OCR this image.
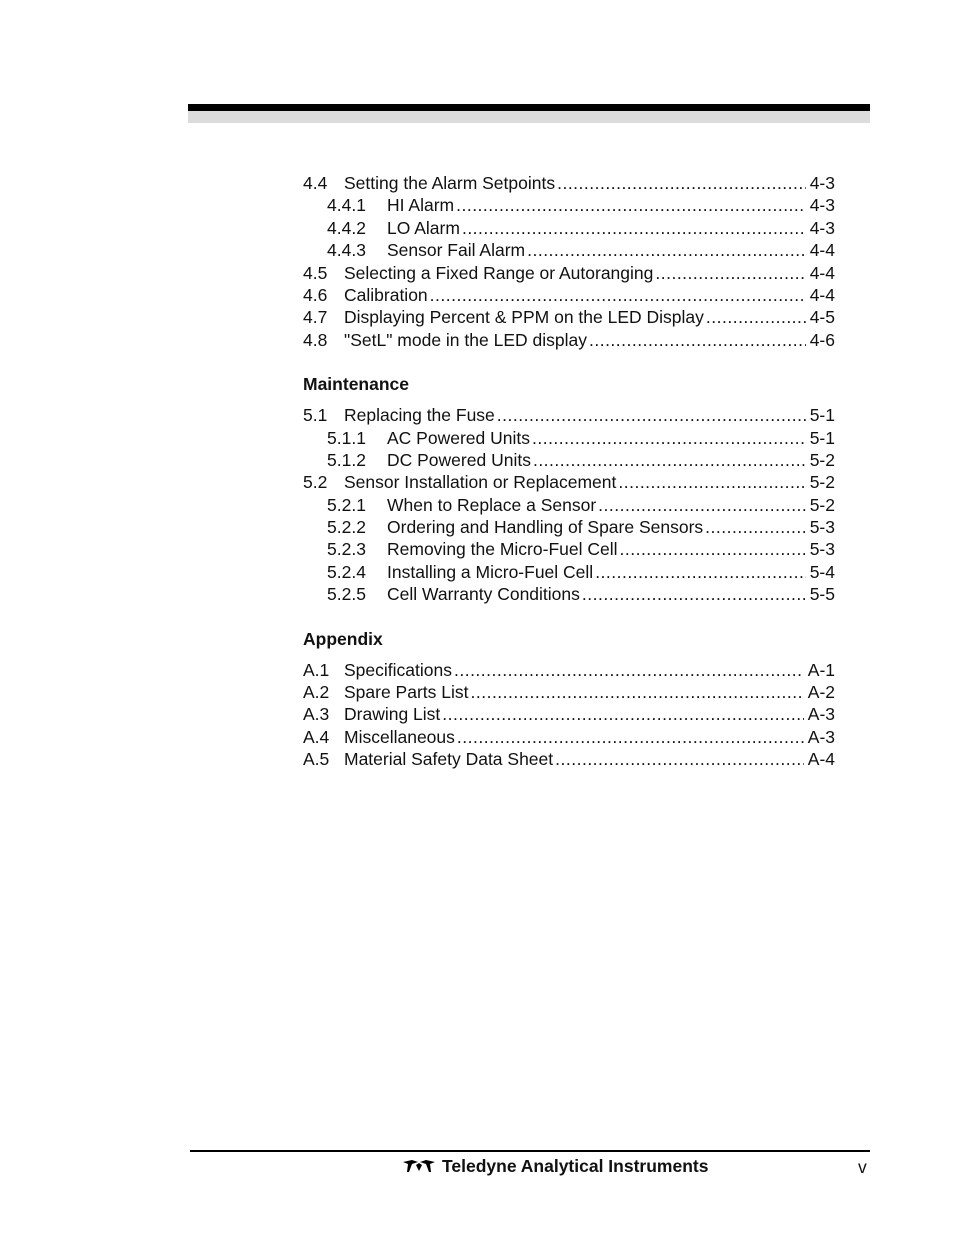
4.4 Setting the Alarm Setpoints .....	4-3
4.4.1	HI Alarm .....	4-3
4.4.2	LO Alarm .....	4-3
4.4.3	Sensor Fail Alarm .....	4-4
4.5 Selecting a Fixed Range or Autoranging .....	4-4
4.6 Calibration .....	4-4
4.7 Displaying Percent & PPM on the LED Display .....	4-5
4.8 "SetL" mode in the LED display .....	4-6
Maintenance
5.1 Replacing the Fuse .....	5-1
5.1.1	AC Powered Units .....	5-1
5.1.2	DC Powered Units .....	5-2
5.2 Sensor Installation or Replacement .....	5-2
5.2.1	When to Replace a Sensor .....	5-2
5.2.2	Ordering and Handling of Spare Sensors .....	5-3
5.2.3	Removing the Micro-Fuel Cell .....	5-3
5.2.4	Installing a Micro-Fuel Cell .....	5-4
5.2.5	Cell Warranty Conditions .....	5-5
Appendix
A.1 Specifications .....	A-1
A.2 Spare Parts List .....	A-2
A.3 Drawing List .....	A-3
A.4 Miscellaneous .....	A-3
A.5 Material Safety Data Sheet .....	A-4
Teledyne Analytical Instruments	v
